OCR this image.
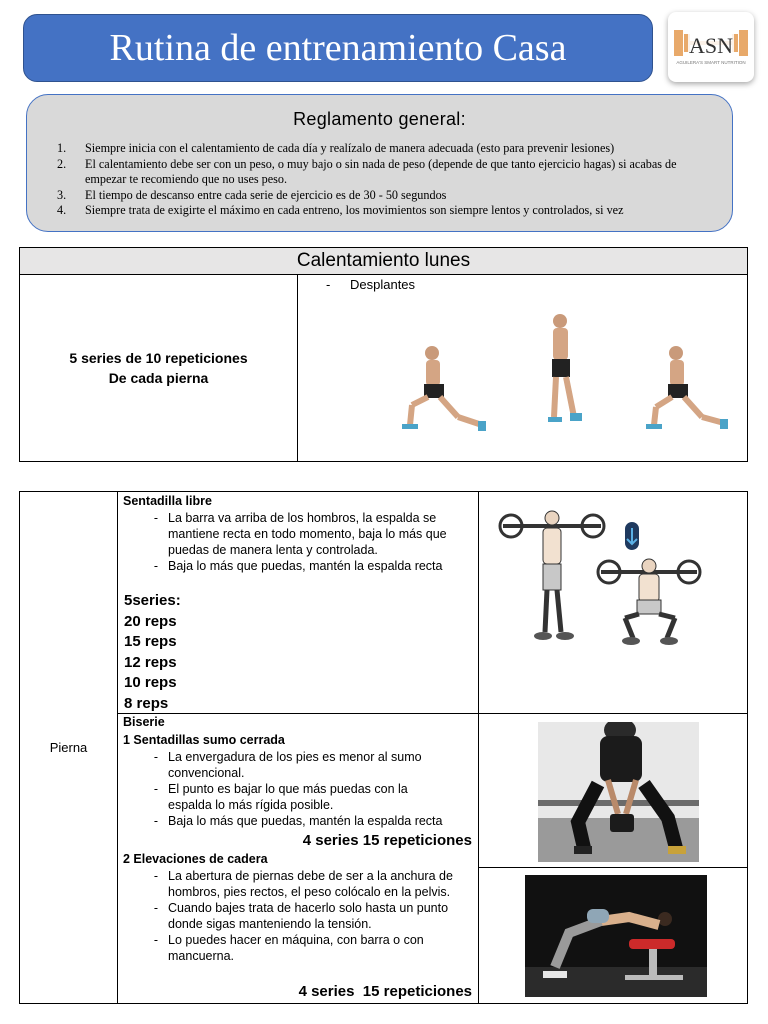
Rutina de entrenamiento Casa	ASN
AGUILERA'S SMART NUTRITION
Reglamento general:
1.	Siempre inicia con el calentamiento de cada día y realízalo de manera adecuada (esto para prevenir lesiones)
2.	El calentamiento debe ser con un peso, o muy bajo o sin nada de peso (depende de que tanto ejercicio hagas) si acabas de empezar te recomiendo que no uses peso.
3.	El tiempo de descanso entre cada serie de ejercicio es de 30 - 50 segundos
4.	Siempre trata de exigirte el máximo en cada entreno, los movimientos son siempre lentos y controlados, si vez
Calentamiento lunes
5 series de 10 repeticiones
De cada pierna
- Desplantes
Pierna
Sentadilla libre
- La barra va arriba de los hombros, la espalda se mantiene recta en todo momento, baja lo más que puedas de manera lenta y controlada.
- Baja lo más que puedas, mantén la espalda recta
5series:
20 reps
15 reps
12 reps
10 reps
8 reps
Biserie
1 Sentadillas sumo cerrada
- La envergadura de los pies es menor al sumo convencional.
- El punto es bajar lo que más puedas con la espalda lo más rígida posible.
- Baja lo más que puedas, mantén la espalda recta
4 series 15 repeticiones
2 Elevaciones de cadera
- La abertura de piernas debe de ser a la anchura de hombros, pies rectos, el peso colócalo en la pelvis.
- Cuando bajes trata de hacerlo solo hasta un punto donde sigas manteniendo la tensión.
- Lo puedes hacer en máquina, con barra o con mancuerna.
4 series  15 repeticiones
